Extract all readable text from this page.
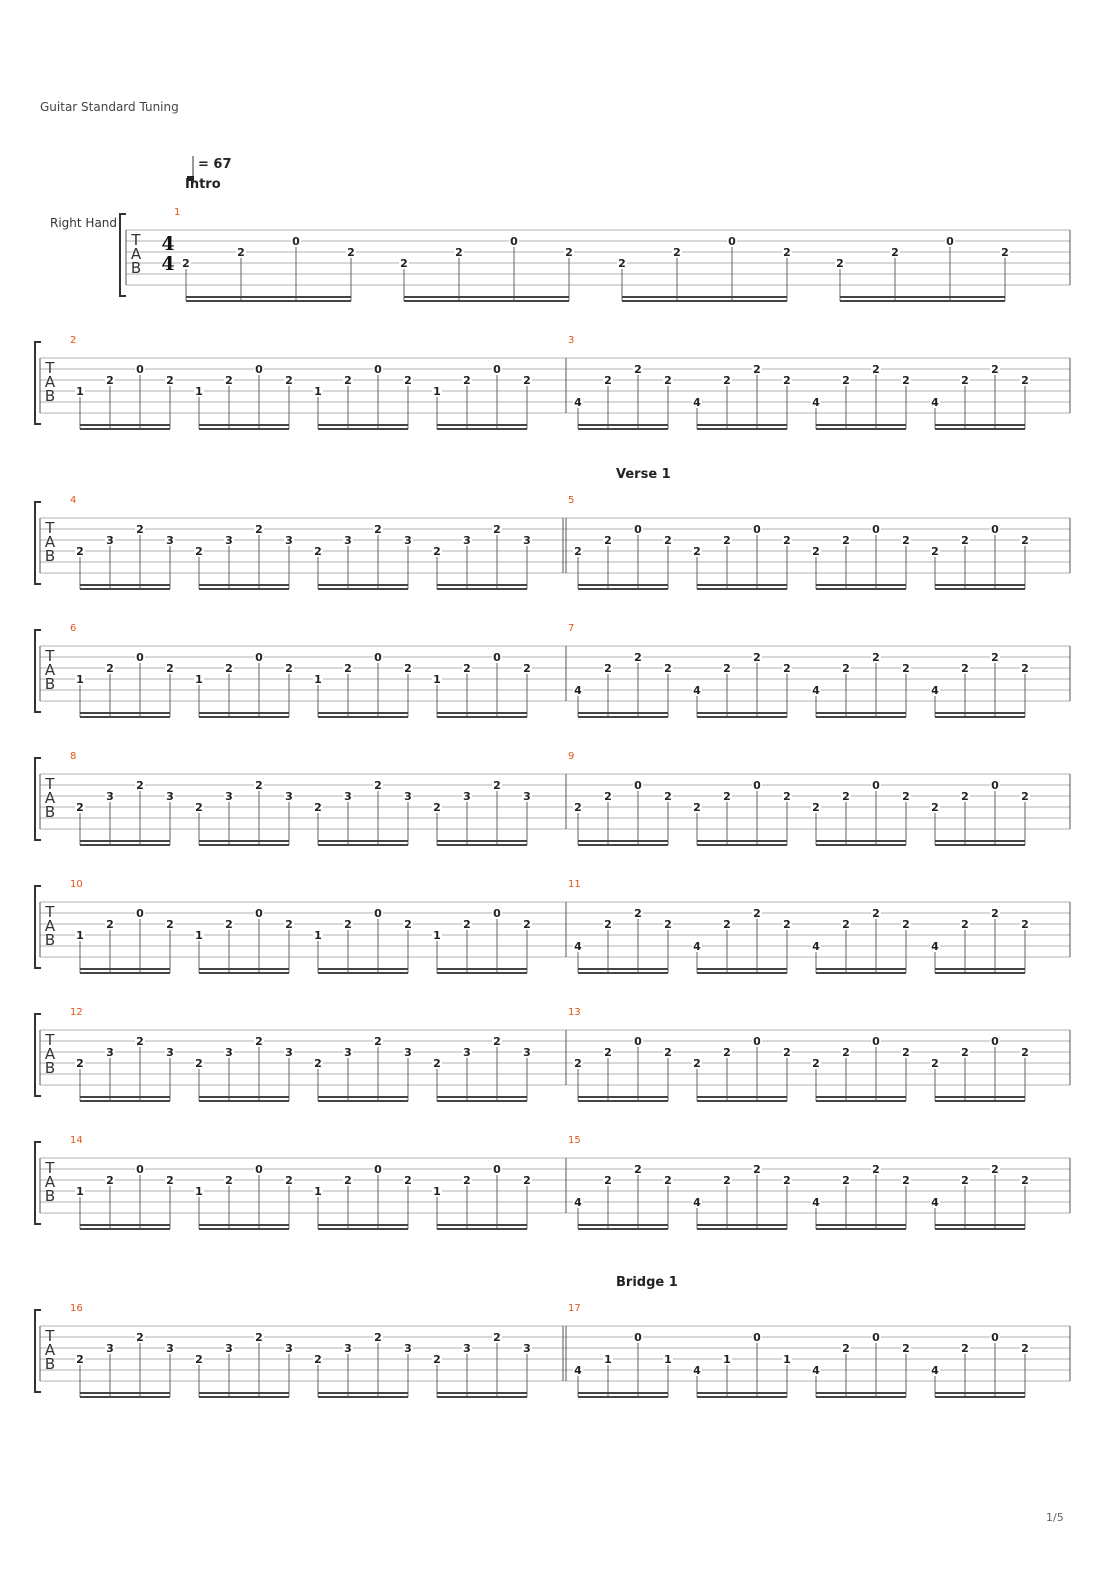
Guitar Standard Tuning
1/5
T
A
B
Right Hand
4
4
= 67
1
Intro
2
2
0
2
2
2
0
2
2
2
0
2
2
2
0
2
T
A
B
2
1
2
0
2
1
2
0
2
1
2
0
2
1
2
0
2
3
4
2
2
2
4
2
2
2
4
2
2
2
4
2
2
2
T
A
B
4
2
3
2
3
2
3
2
3
2
3
2
3
2
3
2
3
5
Verse 1
2
2
0
2
2
2
0
2
2
2
0
2
2
2
0
2
T
A
B
6
1
2
0
2
1
2
0
2
1
2
0
2
1
2
0
2
7
4
2
2
2
4
2
2
2
4
2
2
2
4
2
2
2
T
A
B
8
2
3
2
3
2
3
2
3
2
3
2
3
2
3
2
3
9
2
2
0
2
2
2
0
2
2
2
0
2
2
2
0
2
T
A
B
10
1
2
0
2
1
2
0
2
1
2
0
2
1
2
0
2
11
4
2
2
2
4
2
2
2
4
2
2
2
4
2
2
2
T
A
B
12
2
3
2
3
2
3
2
3
2
3
2
3
2
3
2
3
13
2
2
0
2
2
2
0
2
2
2
0
2
2
2
0
2
T
A
B
14
1
2
0
2
1
2
0
2
1
2
0
2
1
2
0
2
15
4
2
2
2
4
2
2
2
4
2
2
2
4
2
2
2
T
A
B
16
2
3
2
3
2
3
2
3
2
3
2
3
2
3
2
3
17
Bridge 1
4
1
0
1
4
1
0
1
4
2
0
2
4
2
0
2
